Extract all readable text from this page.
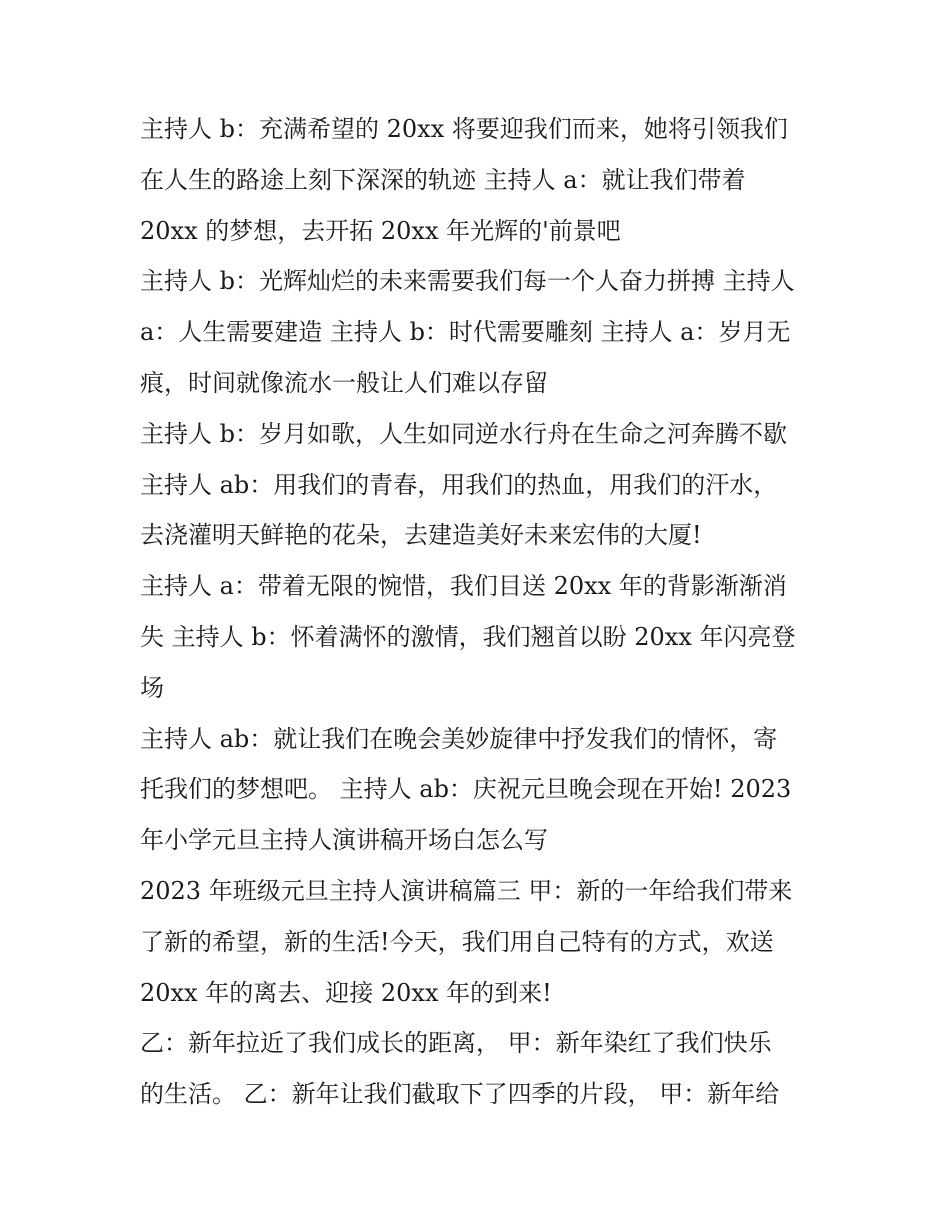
主持人 b：充满希望的 20xx 将要迎我们而来，她将引领我们
在人生的路途上刻下深深的轨迹 主持人 a：就让我们带着
20xx 的梦想，去开拓 20xx 年光辉的'前景吧
主持人 b：光辉灿烂的未来需要我们每一个人奋力拼搏 主持人
a：人生需要建造 主持人 b：时代需要雕刻 主持人 a：岁月无
痕，时间就像流水一般让人们难以存留
主持人 b：岁月如歌，人生如同逆水行舟在生命之河奔腾不歇
主持人 ab：用我们的青春，用我们的热血，用我们的汗水，
去浇灌明天鲜艳的花朵，去建造美好未来宏伟的大厦!
主持人 a：带着无限的惋惜，我们目送 20xx 年的背影渐渐消
失 主持人 b：怀着满怀的激情，我们翘首以盼 20xx 年闪亮登
场
主持人 ab：就让我们在晚会美妙旋律中抒发我们的情怀，寄
托我们的梦想吧。 主持人 ab：庆祝元旦晚会现在开始! 2023
年小学元旦主持人演讲稿开场白怎么写
2023 年班级元旦主持人演讲稿篇三 甲：新的一年给我们带来
了新的希望，新的生活!今天，我们用自己特有的方式，欢送
20xx 年的离去、迎接 20xx 年的到来!
乙：新年拉近了我们成长的距离， 甲：新年染红了我们快乐
的生活。 乙：新年让我们截取下了四季的片段， 甲：新年给
